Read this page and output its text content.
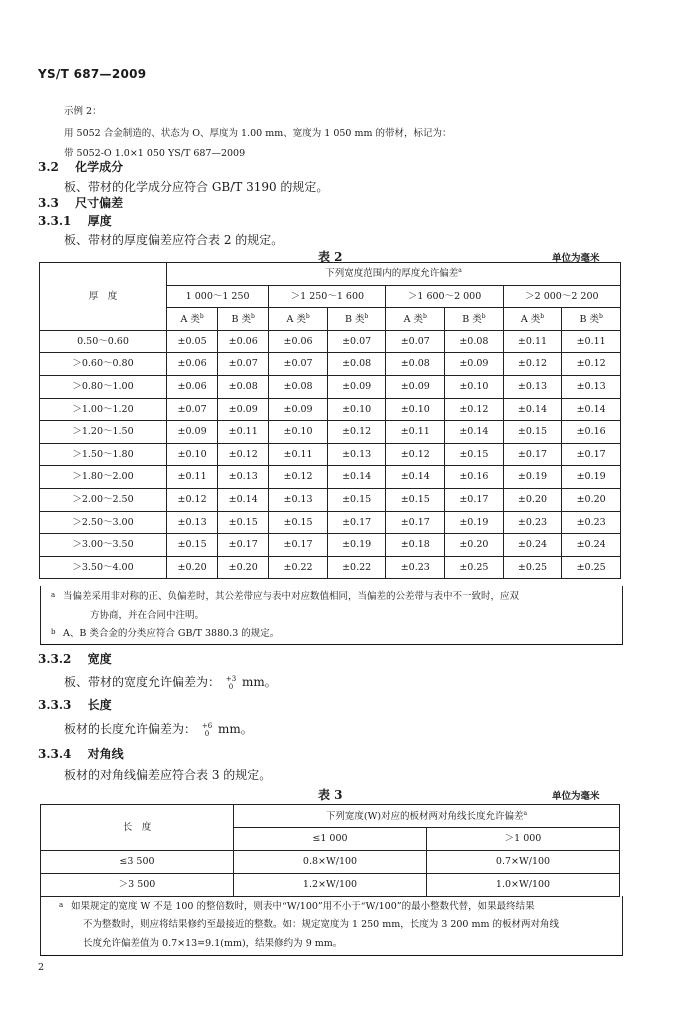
YS/T 687—2009
示例 2：
用 5052 合金制造的、状态为 O、厚度为 1.00 mm、宽度为 1 050 mm 的带材，标记为：
带 5052-O 1.0×1 050 YS/T 687—2009
3.2 化学成分
板、带材的化学成分应符合 GB/T 3190 的规定。
3.3 尺寸偏差
3.3.1 厚度
板、带材的厚度偏差应符合表 2 的规定。
表 2	单位为毫米
厚　度	下列宽度范围内的厚度允许偏差$^a$
	1 000～1 250		＞1 250～1 600		＞1 600～2 000		＞2 000～2 200	
	A 类$^b$	B 类$^b$	A 类$^b$	B 类$^b$	A 类$^b$	B 类$^b$	A 类$^b$	B 类$^b$
0.50～0.60	±0.05	±0.06	±0.06	±0.07	±0.07	±0.08	±0.11	±0.11
＞0.60～0.80	±0.06	±0.07	±0.07	±0.08	±0.08	±0.09	±0.12	±0.12
＞0.80～1.00	±0.06	±0.08	±0.08	±0.09	±0.09	±0.10	±0.13	±0.13
＞1.00～1.20	±0.07	±0.09	±0.09	±0.10	±0.10	±0.12	±0.14	±0.14
＞1.20～1.50	±0.09	±0.11	±0.10	±0.12	±0.11	±0.14	±0.15	±0.16
＞1.50～1.80	±0.10	±0.12	±0.11	±0.13	±0.12	±0.15	±0.17	±0.17
＞1.80～2.00	±0.11	±0.13	±0.12	±0.14	±0.14	±0.16	±0.19	±0.19
＞2.00～2.50	±0.12	±0.14	±0.13	±0.15	±0.15	±0.17	±0.20	±0.20
＞2.50～3.00	±0.13	±0.15	±0.15	±0.17	±0.17	±0.19	±0.23	±0.23
＞3.00～3.50	±0.15	±0.17	±0.17	±0.19	±0.18	±0.20	±0.24	±0.24
＞3.50～4.00	±0.20	±0.20	±0.22	±0.22	±0.23	±0.25	±0.25	±0.25
a 当偏差采用非对称的正、负偏差时，其公差带应与表中对应数值相同，当偏差的公差带与表中不一致时，应双
方协商，并在合同中注明。
b A、B 类合金的分类应符合 GB/T 3880.3 的规定。
3.3.2 宽度
板、带材的宽度允许偏差为： +3
0 mm。
3.3.3 长度
板材的长度允许偏差为： +6
0 mm。
3.3.4 对角线
板材的对角线偏差应符合表 3 的规定。
表 3	单位为毫米
长　度	下列宽度(W)对应的板材两对角线长度允许偏差$^a$
	≤1 000	＞1 000
≤3 500	0.8×W/100	0.7×W/100
＞3 500	1.2×W/100	1.0×W/100
a 如果规定的宽度 W 不是 100 的整倍数时，则表中“W/100”用不小于“W/100”的最小整数代替，如果最终结果
不为整数时，则应将结果修约至最接近的整数。如：规定宽度为 1 250 mm，长度为 3 200 mm 的板材两对角线
长度允许偏差值为 0.7×13=9.1(mm)，结果修约为 9 mm。
2
